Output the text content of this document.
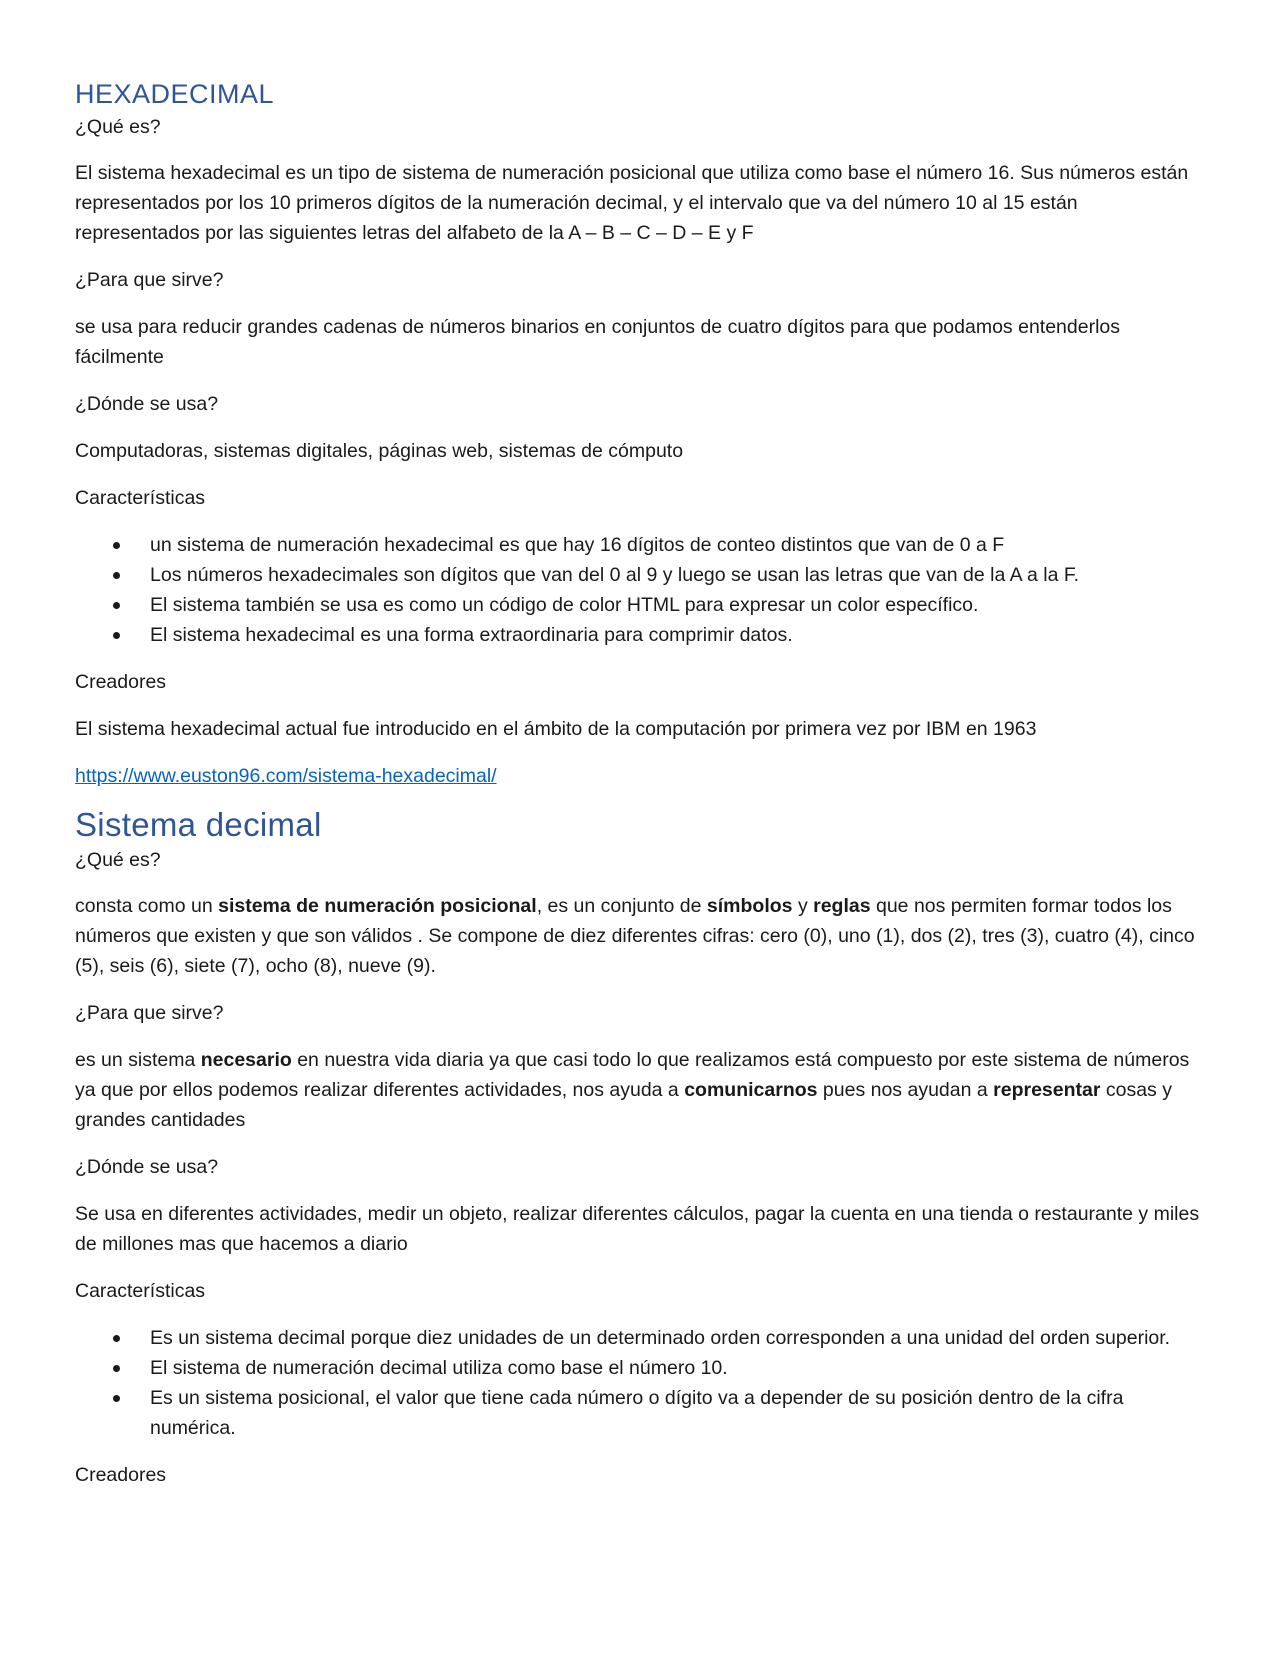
HEXADECIMAL

¿Qué es?

El sistema hexadecimal es un tipo de sistema de numeración posicional que utiliza como base el número 16. Sus números están representados por los 10 primeros dígitos de la numeración decimal, y el intervalo que va del número 10 al 15 están representados por las siguientes letras del alfabeto de la A – B – C – D – E y F

¿Para que sirve?

se usa para reducir grandes cadenas de números binarios en conjuntos de cuatro dígitos para que podamos entenderlos fácilmente

¿Dónde se usa?

Computadoras, sistemas digitales, páginas web, sistemas de cómputo

Características

un sistema de numeración hexadecimal es que hay 16 dígitos de conteo distintos que van de 0 a F
Los números hexadecimales son dígitos que van del 0 al 9 y luego se usan las letras que van de la A a la F.
El sistema también se usa es como un código de color HTML para expresar un color específico.
El sistema hexadecimal es una forma extraordinaria para comprimir datos.

Creadores

El sistema hexadecimal actual fue introducido en el ámbito de la computación por primera vez por IBM en 1963

https://www.euston96.com/sistema-hexadecimal/

Sistema decimal

¿Qué es?

consta como un sistema de numeración posicional, es un conjunto de símbolos y reglas que nos permiten formar todos los números que existen y que son válidos . Se compone de diez diferentes cifras: cero (0), uno (1), dos (2), tres (3), cuatro (4), cinco (5), seis (6), siete (7), ocho (8), nueve (9).

¿Para que sirve?

es un sistema necesario en nuestra vida diaria ya que casi todo lo que realizamos está compuesto por este sistema de números ya que por ellos podemos realizar diferentes actividades, nos ayuda a comunicarnos pues nos ayudan a representar cosas y grandes cantidades

¿Dónde se usa?

Se usa en diferentes actividades, medir un objeto, realizar diferentes cálculos, pagar la cuenta en una tienda o restaurante y miles de millones mas que hacemos a diario

Características

Es un sistema decimal porque diez unidades de un determinado orden corresponden a una unidad del orden superior.
El sistema de numeración decimal utiliza como base el número 10.
Es un sistema posicional, el valor que tiene cada número o dígito va a depender de su posición dentro de la cifra numérica.

Creadores
